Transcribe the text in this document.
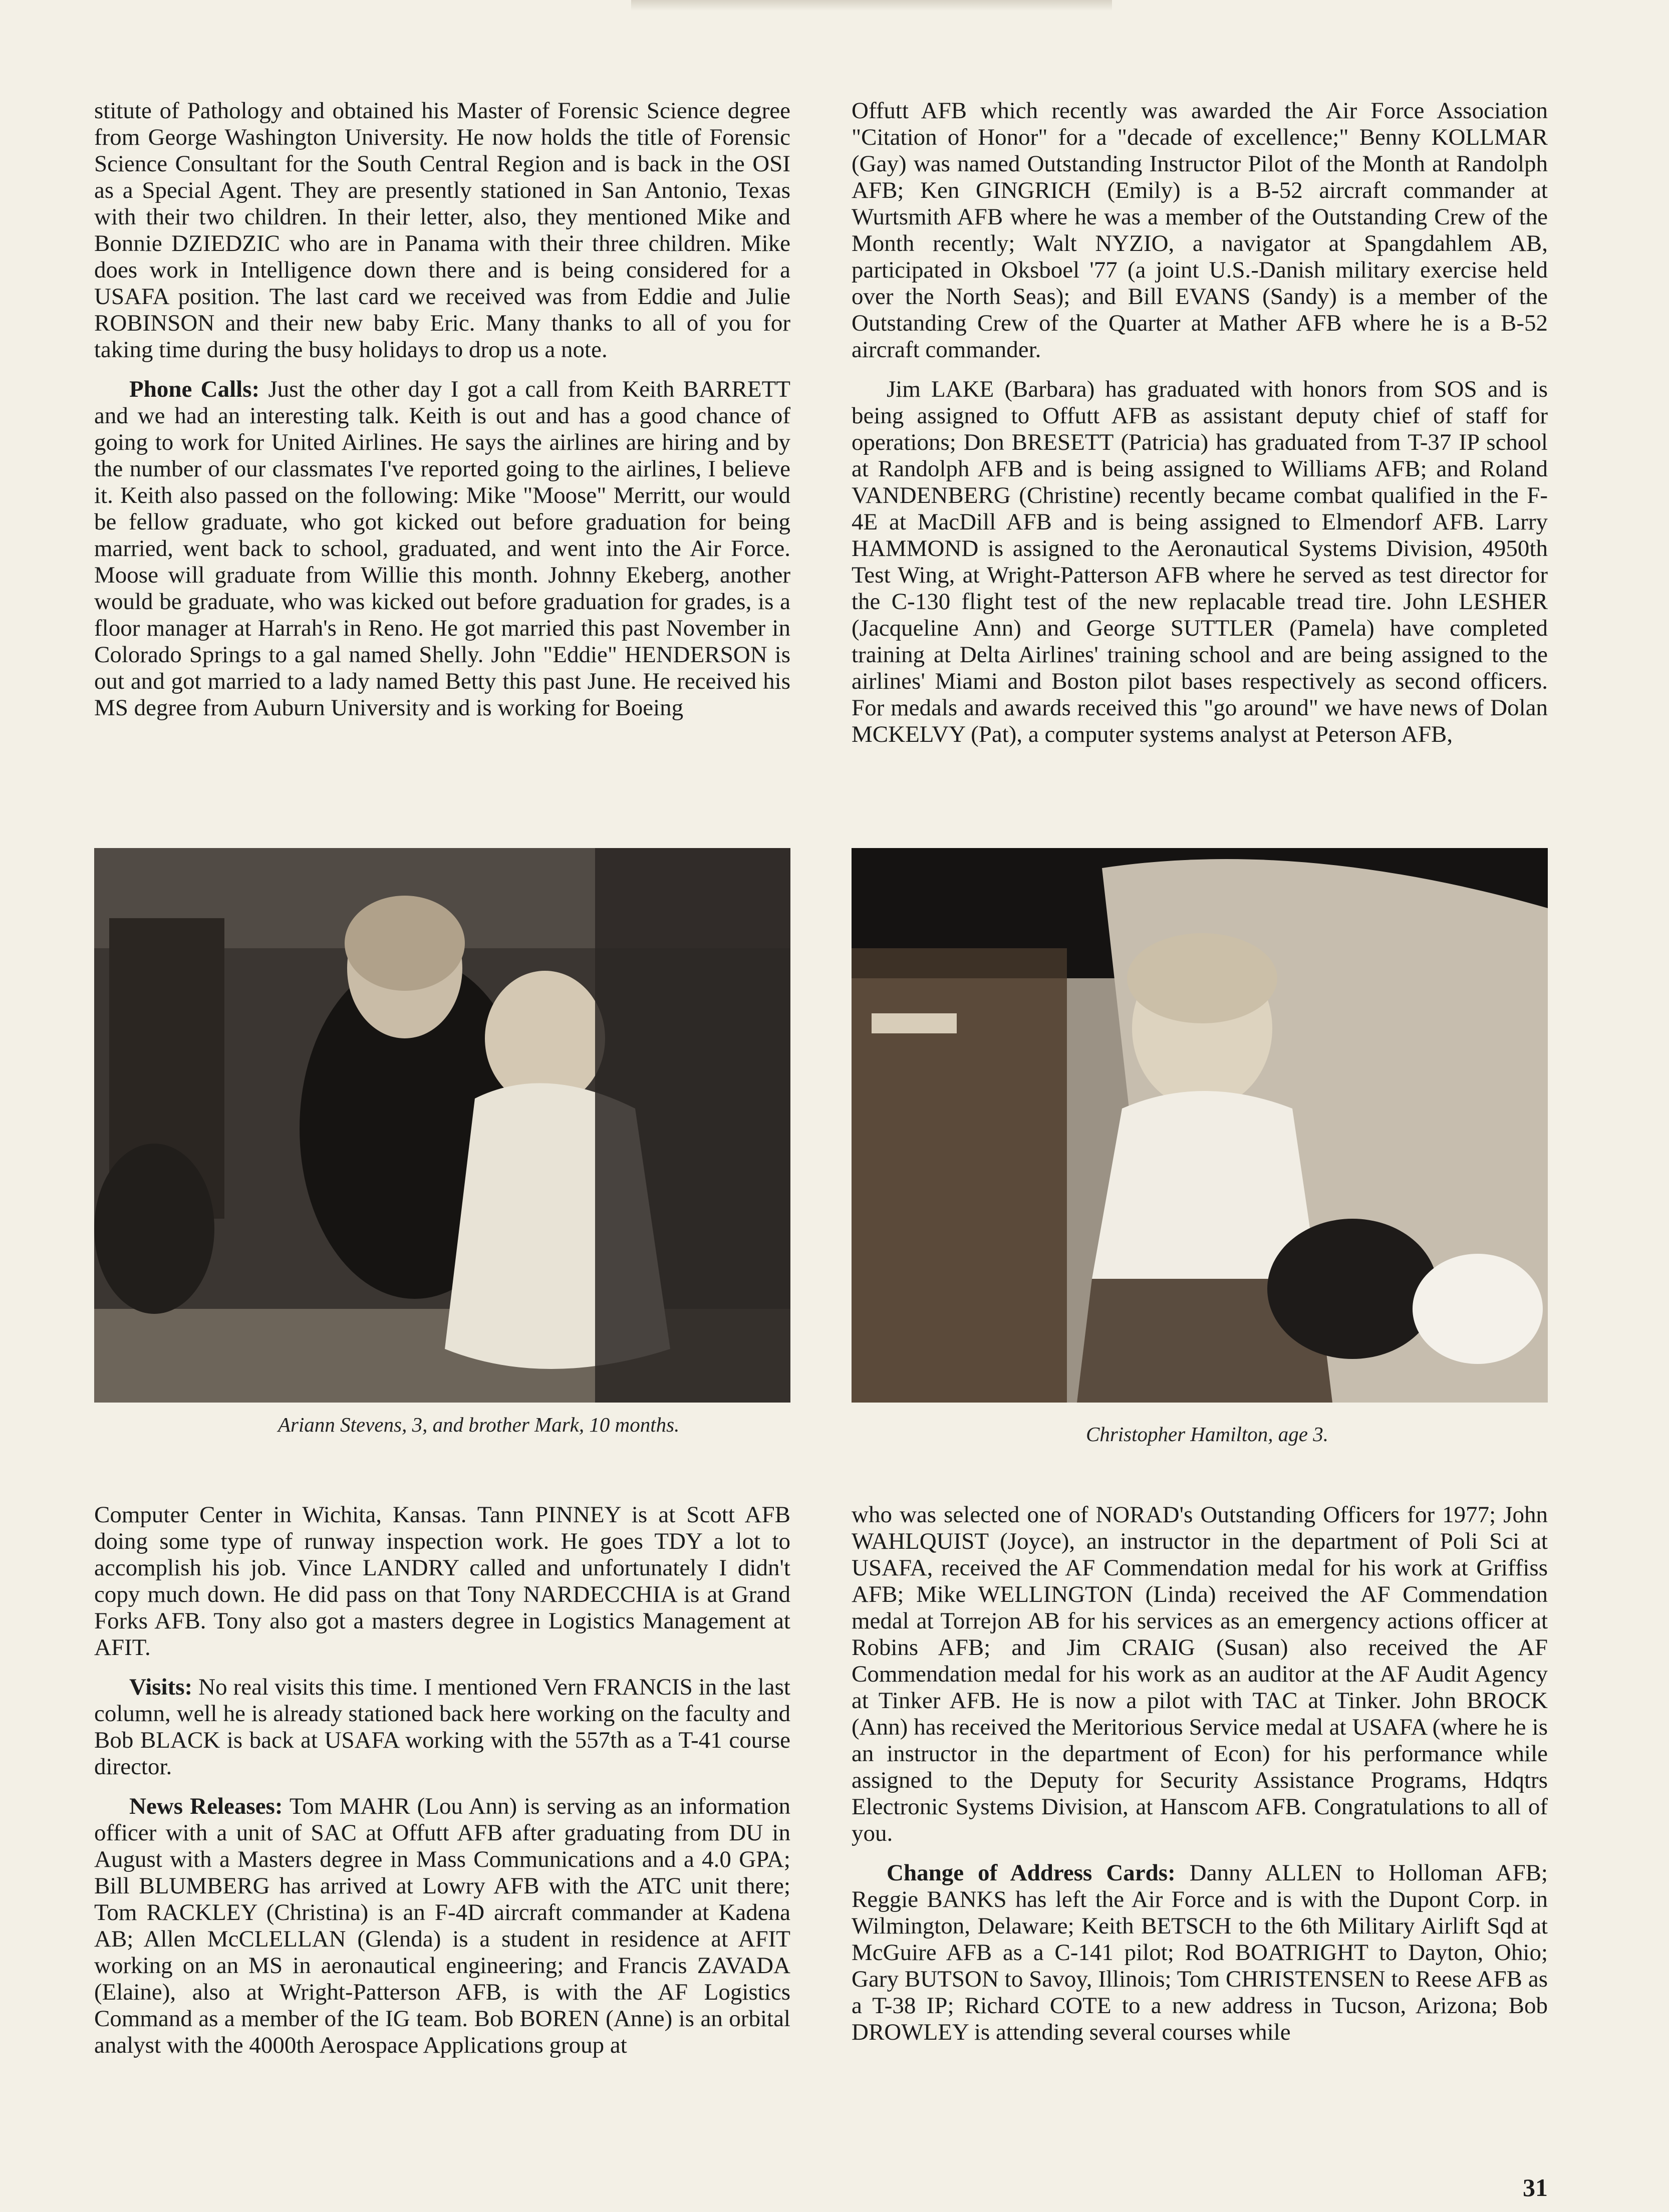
stitute of Pathology and obtained his Master of Forensic Science degree from George Washington University. He now holds the title of Forensic Science Consultant for the South Central Region and is back in the OSI as a Special Agent. They are presently stationed in San Antonio, Texas with their two children. In their letter, also, they mentioned Mike and Bonnie DZIEDZIC who are in Panama with their three children. Mike does work in Intelligence down there and is being considered for a USAFA position. The last card we received was from Eddie and Julie ROBINSON and their new baby Eric. Many thanks to all of you for taking time during the busy holidays to drop us a note.

Phone Calls: Just the other day I got a call from Keith BARRETT and we had an interesting talk. Keith is out and has a good chance of going to work for United Airlines. He says the airlines are hiring and by the number of our classmates I've reported going to the airlines, I believe it. Keith also passed on the following: Mike "Moose" Merritt, our would be fellow graduate, who got kicked out before graduation for being married, went back to school, graduated, and went into the Air Force. Moose will graduate from Willie this month. Johnny Ekeberg, another would be graduate, who was kicked out before graduation for grades, is a floor manager at Harrah's in Reno. He got married this past November in Colorado Springs to a gal named Shelly. John "Eddie" HENDERSON is out and got married to a lady named Betty this past June. He received his MS degree from Auburn University and is working for Boeing

Offutt AFB which recently was awarded the Air Force Association "Citation of Honor" for a "decade of excellence;" Benny KOLLMAR (Gay) was named Outstanding Instructor Pilot of the Month at Randolph AFB; Ken GINGRICH (Emily) is a B-52 aircraft commander at Wurtsmith AFB where he was a member of the Outstanding Crew of the Month recently; Walt NYZIO, a navigator at Spangdahlem AB, participated in Oksboel '77 (a joint U.S.-Danish military exercise held over the North Seas); and Bill EVANS (Sandy) is a member of the Outstanding Crew of the Quarter at Mather AFB where he is a B-52 aircraft commander.

Jim LAKE (Barbara) has graduated with honors from SOS and is being assigned to Offutt AFB as assistant deputy chief of staff for operations; Don BRESETT (Patricia) has graduated from T-37 IP school at Randolph AFB and is being assigned to Williams AFB; and Roland VANDENBERG (Christine) recently became combat qualified in the F-4E at MacDill AFB and is being assigned to Elmendorf AFB. Larry HAMMOND is assigned to the Aeronautical Systems Division, 4950th Test Wing, at Wright-Patterson AFB where he served as test director for the C-130 flight test of the new replacable tread tire. John LESHER (Jacqueline Ann) and George SUTTLER (Pamela) have completed training at Delta Airlines' training school and are being assigned to the airlines' Miami and Boston pilot bases respectively as second officers. For medals and awards received this "go around" we have news of Dolan MCKELVY (Pat), a computer systems analyst at Peterson AFB,

Ariann Stevens, 3, and brother Mark, 10 months.	Christopher Hamilton, age 3.

Computer Center in Wichita, Kansas. Tann PINNEY is at Scott AFB doing some type of runway inspection work. He goes TDY a lot to accomplish his job. Vince LANDRY called and unfortunately I didn't copy much down. He did pass on that Tony NARDECCHIA is at Grand Forks AFB. Tony also got a masters degree in Logistics Management at AFIT.

Visits: No real visits this time. I mentioned Vern FRANCIS in the last column, well he is already stationed back here working on the faculty and Bob BLACK is back at USAFA working with the 557th as a T-41 course director.

News Releases: Tom MAHR (Lou Ann) is serving as an information officer with a unit of SAC at Offutt AFB after graduating from DU in August with a Masters degree in Mass Communications and a 4.0 GPA; Bill BLUMBERG has arrived at Lowry AFB with the ATC unit there; Tom RACKLEY (Christina) is an F-4D aircraft commander at Kadena AB; Allen McCLELLAN (Glenda) is a student in residence at AFIT working on an MS in aeronautical engineering; and Francis ZAVADA (Elaine), also at Wright-Patterson AFB, is with the AF Logistics Command as a member of the IG team. Bob BOREN (Anne) is an orbital analyst with the 4000th Aerospace Applications group at

who was selected one of NORAD's Outstanding Officers for 1977; John WAHLQUIST (Joyce), an instructor in the department of Poli Sci at USAFA, received the AF Commendation medal for his work at Griffiss AFB; Mike WELLINGTON (Linda) received the AF Commendation medal at Torrejon AB for his services as an emergency actions officer at Robins AFB; and Jim CRAIG (Susan) also received the AF Commendation medal for his work as an auditor at the AF Audit Agency at Tinker AFB. He is now a pilot with TAC at Tinker. John BROCK (Ann) has received the Meritorious Service medal at USAFA (where he is an instructor in the department of Econ) for his performance while assigned to the Deputy for Security Assistance Programs, Hdqtrs Electronic Systems Division, at Hanscom AFB. Congratulations to all of you.

Change of Address Cards: Danny ALLEN to Holloman AFB; Reggie BANKS has left the Air Force and is with the Dupont Corp. in Wilmington, Delaware; Keith BETSCH to the 6th Military Airlift Sqd at McGuire AFB as a C-141 pilot; Rod BOATRIGHT to Dayton, Ohio; Gary BUTSON to Savoy, Illinois; Tom CHRISTENSEN to Reese AFB as a T-38 IP; Richard COTE to a new address in Tucson, Arizona; Bob DROWLEY is attending several courses while

31
